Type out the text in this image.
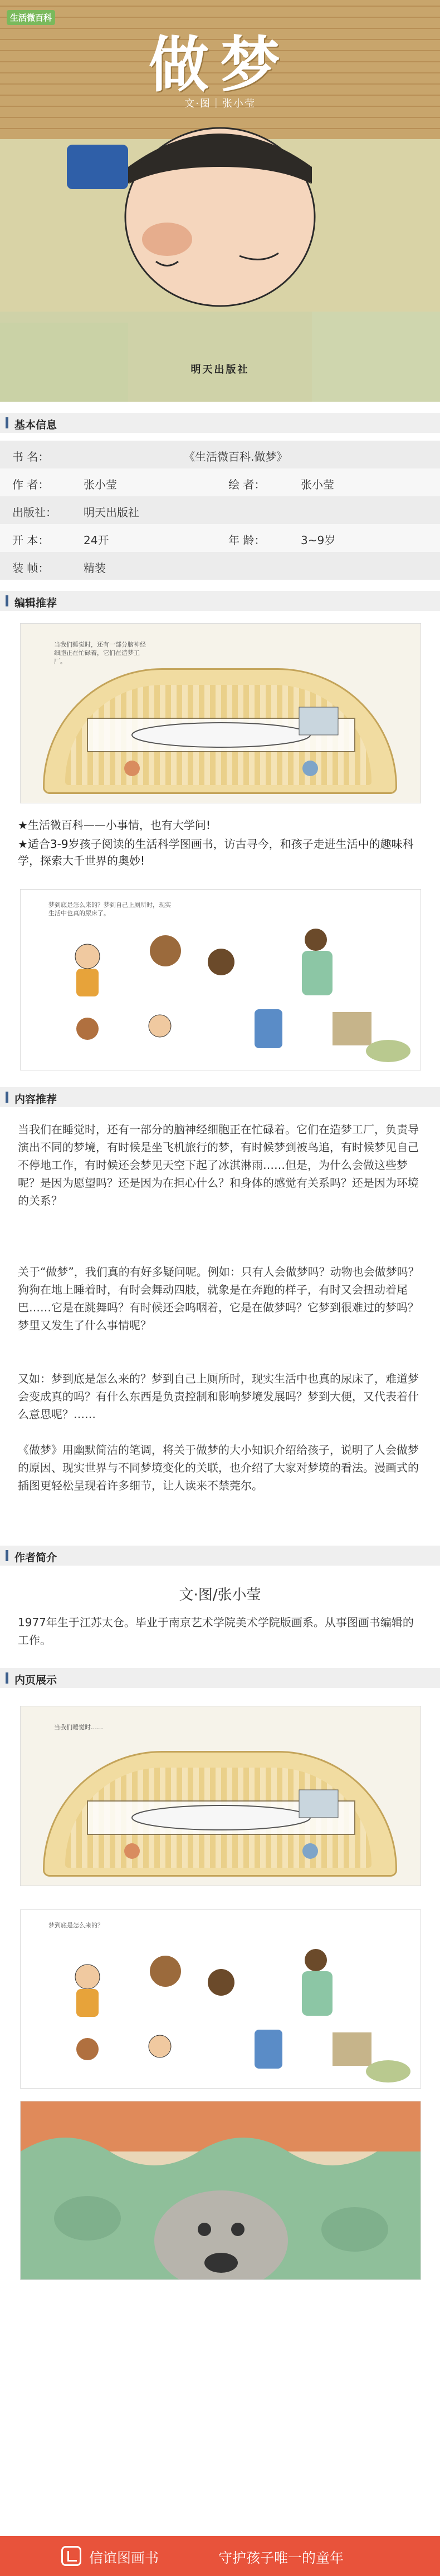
生活微百科
做梦
文·图｜张小莹
明天出版社
基本信息
书 名：	《生活微百科.做梦》
作 者：	张小莹	绘 者：	张小莹
出版社： 明天出版社
开 本：	24开	年 龄：	3~9岁
装 帧：	精装
编辑推荐
当我们睡觉时，还有一部分脑神经细胞正在忙碌着，它们在造梦工厂。
★生活微百科——小事情，也有大学问!
★适合3-9岁孩子阅读的生活科学图画书，访古寻今，和孩子走进生活中的趣味科学，探索大千世界的奥妙!
梦到底是怎么来的？梦到自己上厕所时，现实生活中也真的尿床了。
内容推荐
当我们在睡觉时，还有一部分的脑神经细胞正在忙碌着。它们在造梦工厂，负责导演出不同的梦境，有时候是坐飞机旅行的梦，有时候梦到被鸟追，有时候梦见自己不停地工作，有时候还会梦见天空下起了冰淇淋雨……但是，为什么会做这些梦呢？是因为愿望吗？还是因为在担心什么？和身体的感觉有关系吗？还是因为环境的关系？
关于“做梦”，我们真的有好多疑问呢。例如：只有人会做梦吗？动物也会做梦吗？狗狗在地上睡着时，有时会舞动四肢，就象是在奔跑的样子，有时又会扭动着尾巴……它是在跳舞吗？有时候还会呜咽着，它是在做梦吗？它梦到很难过的梦吗？梦里又发生了什么事情呢？
又如：梦到底是怎么来的？梦到自己上厕所时，现实生活中也真的尿床了，难道梦会变成真的吗？有什么东西是负责控制和影响梦境发展吗？梦到大便，又代表着什么意思呢？……
《做梦》用幽默简洁的笔调，将关于做梦的大小知识介绍给孩子，说明了人会做梦的原因、现实世界与不同梦境变化的关联，也介绍了大家对梦境的看法。漫画式的插图更轻松呈现着许多细节，让人读来不禁莞尔。
作者简介
文·图/张小莹
1977年生于江苏太仓。毕业于南京艺术学院美术学院版画系。从事图画书编辑的工作。
内页展示
当我们睡觉时……
梦到底是怎么来的？
信谊图画书	守护孩子唯一的童年
